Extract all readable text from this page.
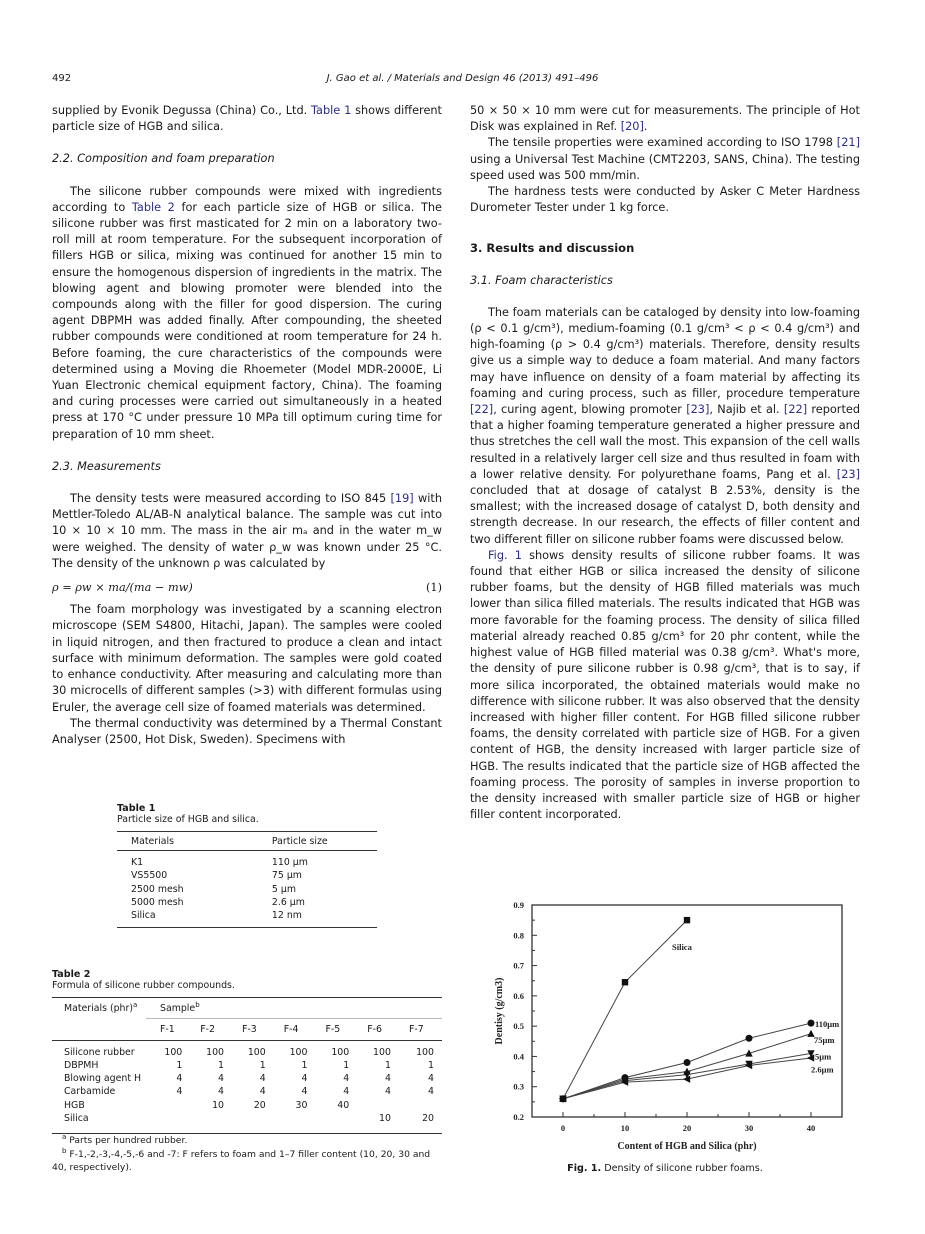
492	J. Gao et al. / Materials and Design 46 (2013) 491–496

supplied by Evonik Degussa (China) Co., Ltd. Table 1 shows different particle size of HGB and silica.

2.2. Composition and foam preparation

The silicone rubber compounds were mixed with ingredients according to Table 2 for each particle size of HGB or silica. The silicone rubber was first masticated for 2 min on a laboratory two-roll mill at room temperature. For the subsequent incorporation of fillers HGB or silica, mixing was continued for another 15 min to ensure the homogenous dispersion of ingredients in the matrix. The blowing agent and blowing promoter were blended into the compounds along with the filler for good dispersion. The curing agent DBPMH was added finally. After compounding, the sheeted rubber compounds were conditioned at room temperature for 24 h. Before foaming, the cure characteristics of the compounds were determined using a Moving die Rhoemeter (Model MDR-2000E, Li Yuan Electronic chemical equipment factory, China). The foaming and curing processes were carried out simultaneously in a heated press at 170 °C under pressure 10 MPa till optimum curing time for preparation of 10 mm sheet.

2.3. Measurements

The density tests were measured according to ISO 845 [19] with Mettler-Toledo AL/AB-N analytical balance. The sample was cut into 10 × 10 × 10 mm. The mass in the air mₐ and in the water m_w were weighed. The density of water ρ_w was known under 25 °C. The density of the unknown ρ was calculated by

ρ = ρw × ma/(ma − mw)	(1)

The foam morphology was investigated by a scanning electron microscope (SEM S4800, Hitachi, Japan). The samples were cooled in liquid nitrogen, and then fractured to produce a clean and intact surface with minimum deformation. The samples were gold coated to enhance conductivity. After measuring and calculating more than 30 microcells of different samples (>3) with different formulas using Eruler, the average cell size of foamed materials was determined.

The thermal conductivity was determined by a Thermal Constant Analyser (2500, Hot Disk, Sweden). Specimens with

50 × 50 × 10 mm were cut for measurements. The principle of Hot Disk was explained in Ref. [20].

The tensile properties were examined according to ISO 1798 [21] using a Universal Test Machine (CMT2203, SANS, China). The testing speed used was 500 mm/min.

The hardness tests were conducted by Asker C Meter Hardness Durometer Tester under 1 kg force.

3. Results and discussion
3.1. Foam characteristics

The foam materials can be cataloged by density into low-foaming (ρ < 0.1 g/cm³), medium-foaming (0.1 g/cm³ < ρ < 0.4 g/cm³) and high-foaming (ρ > 0.4 g/cm³) materials. Therefore, density results give us a simple way to deduce a foam material. And many factors may have influence on density of a foam material by affecting its foaming and curing process, such as filler, procedure temperature [22], curing agent, blowing promoter [23], Najib et al. [22] reported that a higher foaming temperature generated a higher pressure and thus stretches the cell wall the most. This expansion of the cell walls resulted in a relatively larger cell size and thus resulted in foam with a lower relative density. For polyurethane foams, Pang et al. [23] concluded that at dosage of catalyst B 2.53%, density is the smallest; with the increased dosage of catalyst D, both density and strength decrease. In our research, the effects of filler content and two different filler on silicone rubber foams were discussed below.

Fig. 1 shows density results of silicone rubber foams. It was found that either HGB or silica increased the density of silicone rubber foams, but the density of HGB filled materials was much lower than silica filled materials. The results indicated that HGB was more favorable for the foaming process. The density of silica filled material already reached 0.85 g/cm³ for 20 phr content, while the highest value of HGB filled material was 0.38 g/cm³. What's more, the density of pure silicone rubber is 0.98 g/cm³, that is to say, if more silica incorporated, the obtained materials would make no difference with silicone rubber. It was also observed that the density increased with higher filler content. For HGB filled silicone rubber foams, the density correlated with particle size of HGB. For a given content of HGB, the density increased with larger particle size of HGB. The results indicated that the particle size of HGB affected the foaming process. The porosity of samples in inverse proportion to the density increased with smaller particle size of HGB or higher filler content incorporated.

Table 1
Particle size of HGB and silica.
Materials	Particle size
K1	110 μm
VS5500	75 μm
2500 mesh	5 μm
5000 mesh	2.6 μm
Silica	12 nm
Table 2
Formula of silicone rubber compounds.
Materials (phr)$^a$	Sample$^b$
	F-1	F-2	F-3	F-4	F-5	F-6	F-7
Silicone rubber	100	100	100	100	100	100	100
DBPMH	1	1	1	1	1	1	1
Blowing agent H	4	4	4	4	4	4	4
Carbamide	4	4	4	4	4	4	4
HGB		10	20	30	40		
Silica						10	20
$^a$ Parts per hundred rubber.
$^b$ F-1,-2,-3,-4,-5,-6 and -7: F refers to foam and 1–7 filler content (10, 20, 30 and 40, respectively).
0.2
0.3
0.4
0.5
0.6
0.7
0.8
0.9
0	10	20	30	40
Content of HGB and Silica (phr)
Dentisy (g/cm3)
Silica
110μm
75μm
5μm
2.6μm
Fig. 1. Density of silicone rubber foams.
